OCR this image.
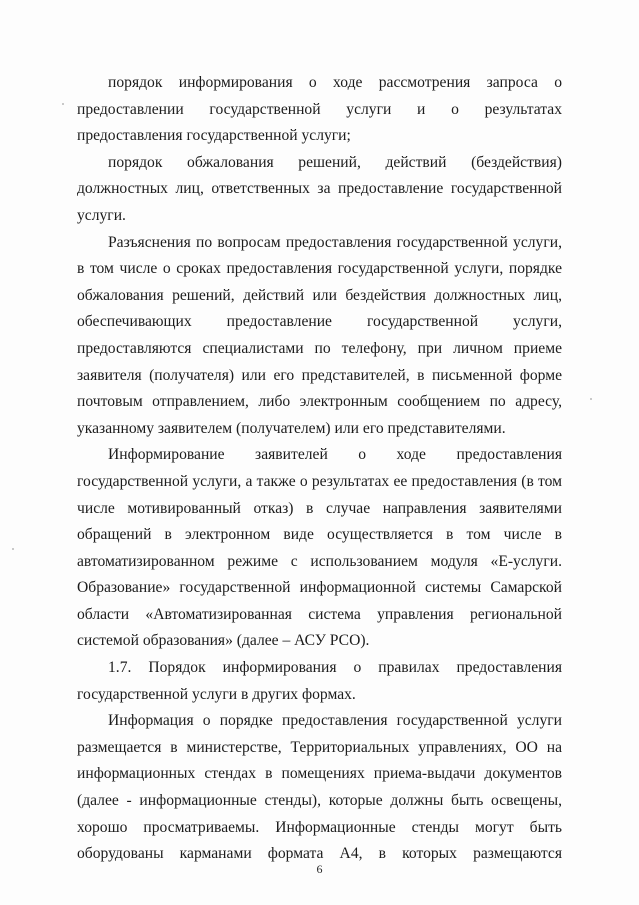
порядок информирования о ходе рассмотрения запроса о предоставлении государственной услуги и о результатах предоставления государственной услуги;

порядок обжалования решений, действий (бездействия) должностных лиц, ответственных за предоставление государственной услуги.

Разъяснения по вопросам предоставления государственной услуги, в том числе о сроках предоставления государственной услуги, порядке обжалования решений, действий или бездействия должностных лиц, обеспечивающих предоставление государственной услуги, предоставляются специалистами по телефону, при личном приеме заявителя (получателя) или его представителей, в письменной форме почтовым отправлением, либо электронным сообщением по адресу, указанному заявителем (получателем) или его представителями.

Информирование заявителей о ходе предоставления государственной услуги, а также о результатах ее предоставления (в том числе мотивированный отказ) в случае направления заявителями обращений в электронном виде осуществляется в том числе в автоматизированном режиме с использованием модуля «Е-услуги. Образование» государственной информационной системы Самарской области «Автоматизированная система управления региональной системой образования» (далее – АСУ РСО).

1.7. Порядок информирования о правилах предоставления государственной услуги в других формах.

Информация о порядке предоставления государственной услуги размещается в министерстве, Территориальных управлениях, ОО на информационных стендах в помещениях приема-выдачи документов (далее - информационные стенды), которые должны быть освещены, хорошо просматриваемы. Информационные стенды могут быть оборудованы карманами формата А4, в которых размещаются

6
